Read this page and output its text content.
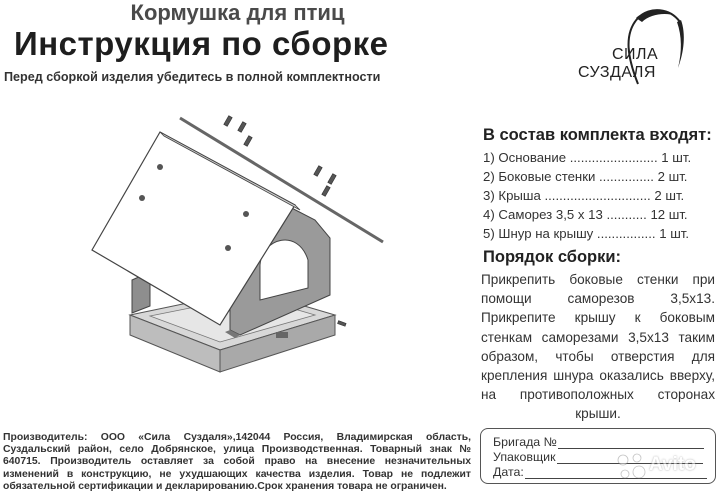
Кормушка для птиц
Инструкция по сборке
Перед сборкой изделия убедитесь в полной комплектности
СИЛА
СУЗДАЛЯ
В состав комплекта входят:
1) Основание ........................ 1 шт.
2) Боковые стенки ............... 2 шт.
3) Крыша ............................. 2 шт.
4) Саморез 3,5 х 13 ........... 12 шт.
5) Шнур на крышу ................ 1 шт.
Порядок сборки:
Прикрепить боковые стенки при помощи саморезов 3,5х13. Прикрепите крышу к боковым стенкам саморезами 3,5х13 таким образом, чтобы отверстия для крепления шнура оказались вверху, на противоположных сторонах крыши.
Производитель: ООО «Сила Суздаля»,142044 Россия, Владимирская область, Суздальский район, село Добрянское, улица Производственная. Товарный знак № 640715. Производитель оставляет за собой право на внесение незначительных изменений в конструкцию, не ухудшающих качества изделия. Товар не подлежит обязательной сертификации и декларированию.Срок хранения товара не ограничен.
Бригада №
Упаковщик
Дата:	Avito
